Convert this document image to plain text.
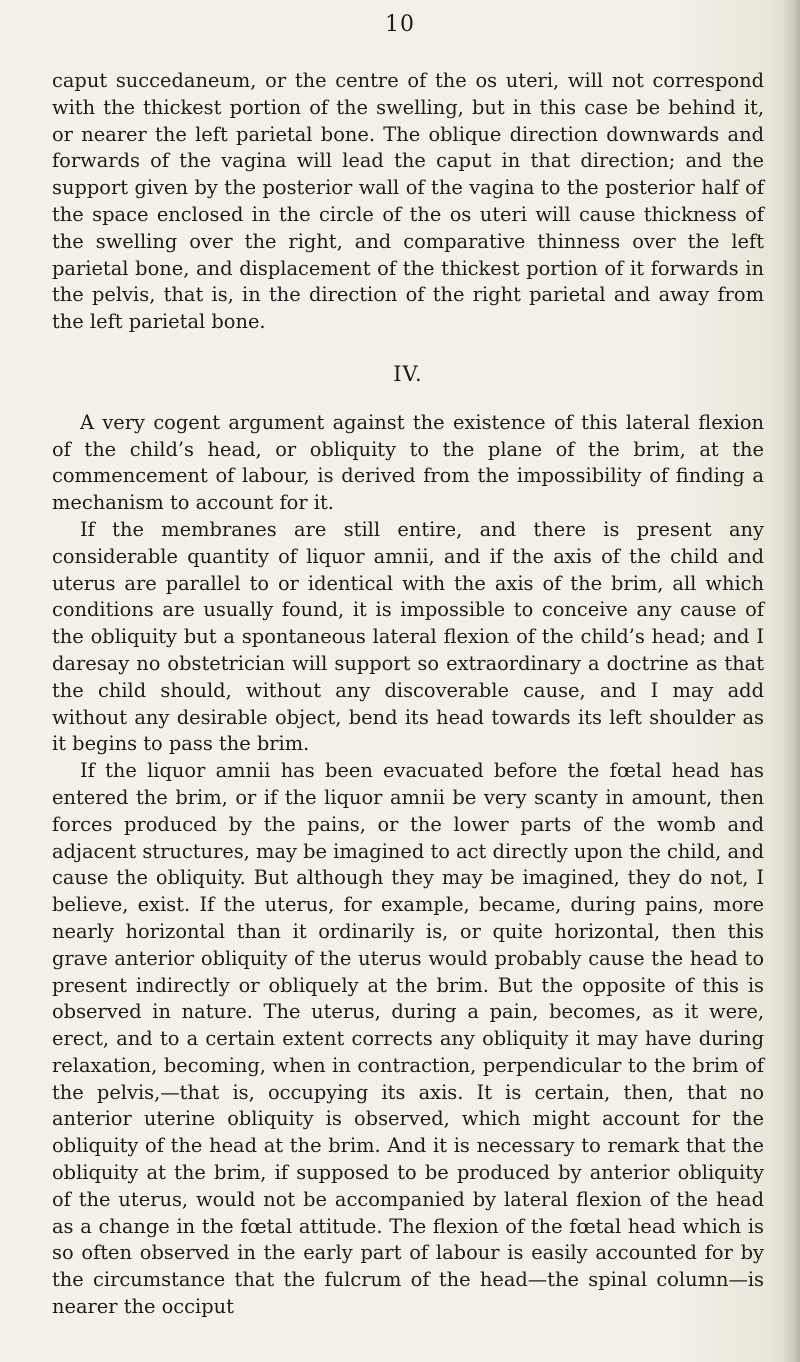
10

caput succedaneum, or the centre of the os uteri, will not correspond with the thickest portion of the swelling, but in this case be behind it, or nearer the left parietal bone. The oblique direction downwards and forwards of the vagina will lead the caput in that direction; and the support given by the posterior wall of the vagina to the posterior half of the space enclosed in the circle of the os uteri will cause thickness of the swelling over the right, and comparative thinness over the left parietal bone, and displacement of the thickest portion of it forwards in the pelvis, that is, in the direction of the right parietal and away from the left parietal bone.

IV.

A very cogent argument against the existence of this lateral flexion of the child’s head, or obliquity to the plane of the brim, at the commencement of labour, is derived from the impossibility of finding a mechanism to account for it.

If the membranes are still entire, and there is present any considerable quantity of liquor amnii, and if the axis of the child and uterus are parallel to or identical with the axis of the brim, all which conditions are usually found, it is impossible to conceive any cause of the obliquity but a spontaneous lateral flexion of the child’s head; and I daresay no obstetrician will support so extraordinary a doctrine as that the child should, without any discoverable cause, and I may add without any desirable object, bend its head towards its left shoulder as it begins to pass the brim.

If the liquor amnii has been evacuated before the fœtal head has entered the brim, or if the liquor amnii be very scanty in amount, then forces produced by the pains, or the lower parts of the womb and adjacent structures, may be imagined to act directly upon the child, and cause the obliquity. But although they may be imagined, they do not, I believe, exist. If the uterus, for example, became, during pains, more nearly horizontal than it ordinarily is, or quite horizontal, then this grave anterior obliquity of the uterus would probably cause the head to present indirectly or obliquely at the brim. But the opposite of this is observed in nature. The uterus, during a pain, becomes, as it were, erect, and to a certain extent corrects any obliquity it may have during relaxation, becoming, when in contraction, perpendicular to the brim of the pelvis,—that is, occupying its axis. It is certain, then, that no anterior uterine obliquity is observed, which might account for the obliquity of the head at the brim. And it is necessary to remark that the obliquity at the brim, if supposed to be produced by anterior obliquity of the uterus, would not be accompanied by lateral flexion of the head as a change in the fœtal attitude. The flexion of the fœtal head which is so often observed in the early part of labour is easily accounted for by the circumstance that the fulcrum of the head—the spinal column—is nearer the occiput
